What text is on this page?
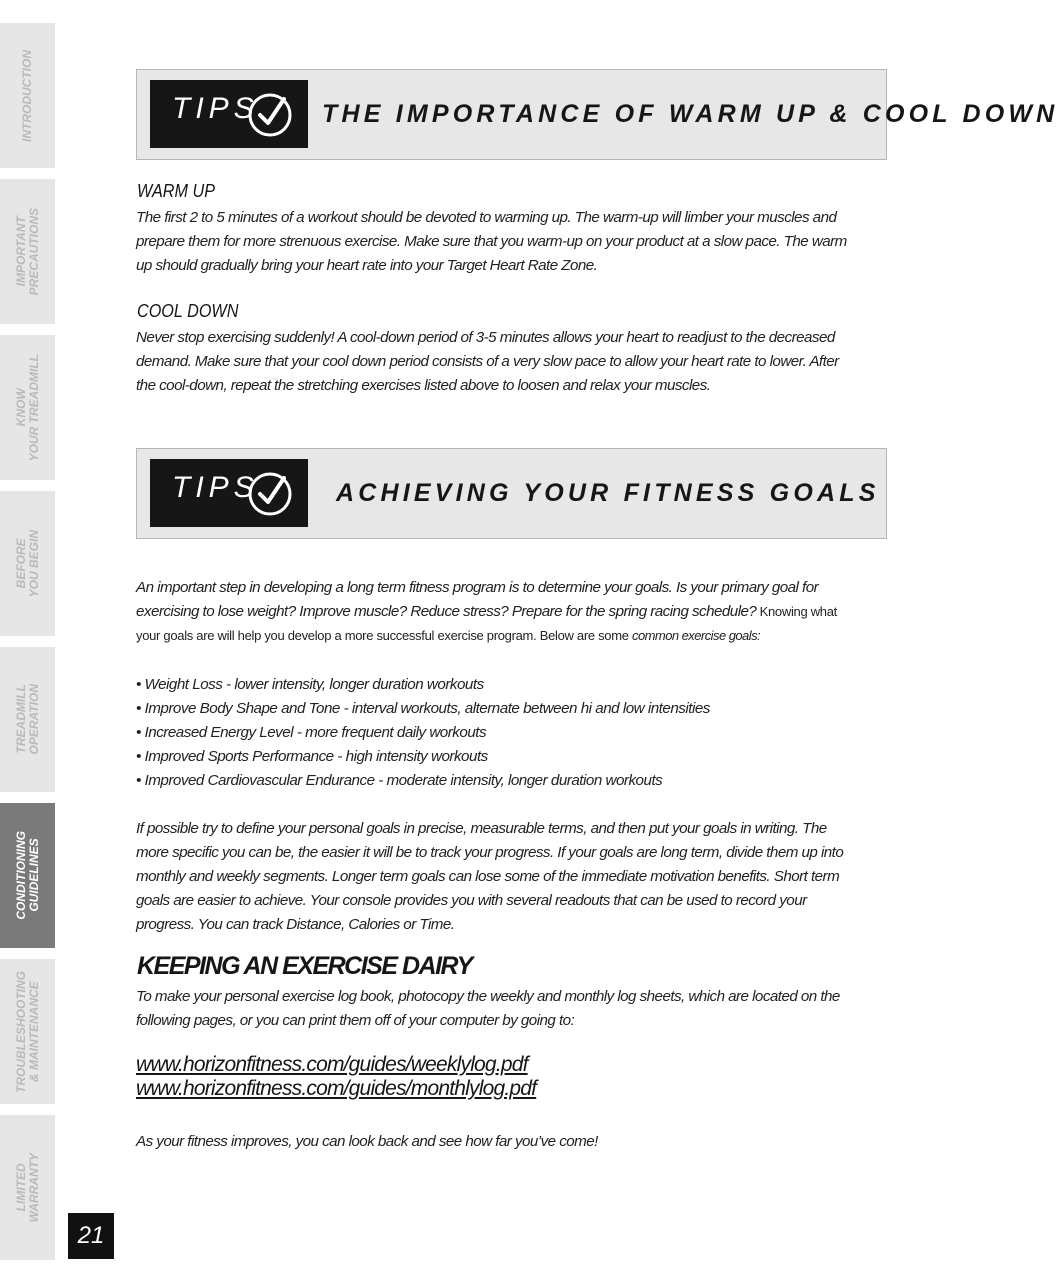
INTRODUCTION
IMPORTANT
PRECAUTIONS
KNOW
YOUR TREADMILL
BEFORE
YOU BEGIN
TREADMILL
OPERATION
CONDITIONING
GUIDELINES
TROUBLESHOOTING
& MAINTENANCE
LIMITED
WARRANTY
21
TIPS	THE IMPORTANCE OF WARM UP & COOL DOWN
WARM UP
The first 2 to 5 minutes of a workout should be devoted to warming up. The warm-up will limber your muscles and prepare them for more strenuous exercise. Make sure that you warm-up on your product at a slow pace. The warm up should gradually bring your heart rate into your Target Heart Rate Zone.
COOL DOWN
Never stop exercising suddenly! A cool-down period of 3-5 minutes allows your heart to readjust to the decreased demand. Make sure that your cool down period consists of a very slow pace to allow your heart rate to lower. After the cool-down, repeat the stretching exercises listed above to loosen and relax your muscles.
TIPS	ACHIEVING YOUR FITNESS GOALS
An important step in developing a long term fitness program is to determine your goals. Is your primary goal for exercising to lose weight? Improve muscle? Reduce stress? Prepare for the spring racing schedule? Knowing what your goals are will help you develop a more successful exercise program. Below are some common exercise goals:
• Weight Loss - lower intensity, longer duration workouts
• Improve Body Shape and Tone - interval workouts, alternate between hi and low intensities
• Increased Energy Level - more frequent daily workouts
• Improved Sports Performance - high intensity workouts
• Improved Cardiovascular Endurance - moderate intensity, longer duration workouts
If possible try to define your personal goals in precise, measurable terms, and then put your goals in writing. The more specific you can be, the easier it will be to track your progress. If your goals are long term, divide them up into monthly and weekly segments. Longer term goals can lose some of the immediate motivation benefits. Short term goals are easier to achieve. Your console provides you with several readouts that can be used to record your progress. You can track Distance, Calories or Time.
KEEPING AN EXERCISE DAIRY
To make your personal exercise log book, photocopy the weekly and monthly log sheets, which are located on the following pages, or you can print them off of your computer by going to:
www.horizonfitness.com/guides/weeklylog.pdf
www.horizonfitness.com/guides/monthlylog.pdf
As your fitness improves, you can look back and see how far you’ve come!
